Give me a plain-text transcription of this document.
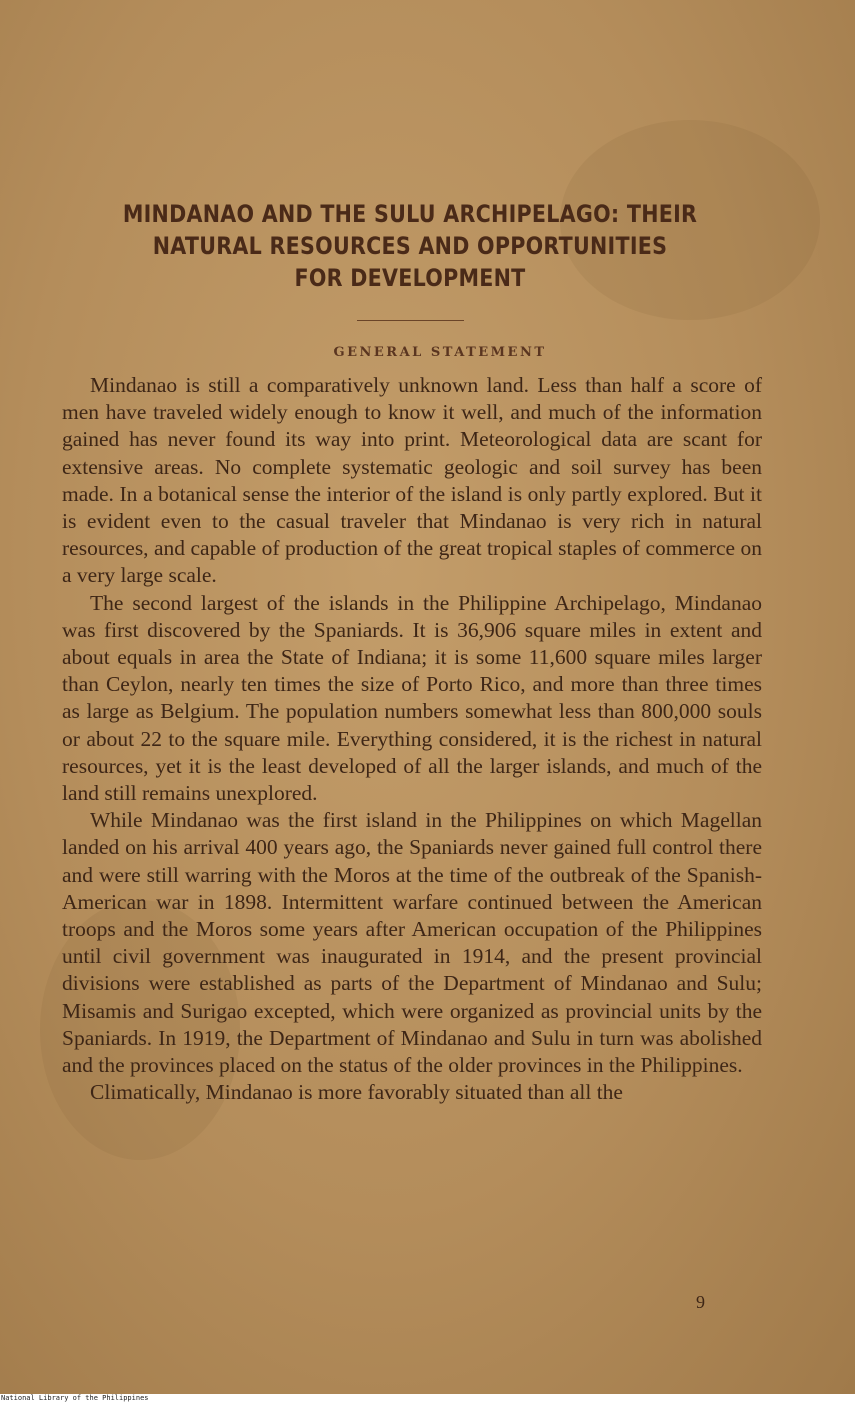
MINDANAO AND THE SULU ARCHIPELAGO: THEIR
NATURAL RESOURCES AND OPPORTUNITIES
FOR DEVELOPMENT
GENERAL STATEMENT

Mindanao is still a comparatively unknown land. Less than half a score of men have traveled widely enough to know it well, and much of the information gained has never found its way into print. Meteorological data are scant for extensive areas. No complete systematic geologic and soil survey has been made. In a botanical sense the interior of the island is only partly explored. But it is evident even to the casual traveler that Mindanao is very rich in natural resources, and capable of production of the great tropical staples of commerce on a very large scale.

The second largest of the islands in the Philippine Archipelago, Mindanao was first discovered by the Spaniards. It is 36,906 square miles in extent and about equals in area the State of Indiana; it is some 11,600 square miles larger than Ceylon, nearly ten times the size of Porto Rico, and more than three times as large as Belgium. The population numbers somewhat less than 800,000 souls or about 22 to the square mile. Everything considered, it is the richest in natural resources, yet it is the least developed of all the larger islands, and much of the land still remains unexplored.

While Mindanao was the first island in the Philippines on which Magellan landed on his arrival 400 years ago, the Spaniards never gained full control there and were still warring with the Moros at the time of the outbreak of the Spanish-American war in 1898. Intermittent warfare continued between the American troops and the Moros some years after American occupation of the Philippines until civil government was inaugurated in 1914, and the present provincial divisions were established as parts of the Department of Mindanao and Sulu; Misamis and Surigao excepted, which were organized as provincial units by the Spaniards. In 1919, the Department of Mindanao and Sulu in turn was abolished and the provinces placed on the status of the older provinces in the Philippines.

Climatically, Mindanao is more favorably situated than all the

9
National Library of the Philippines
